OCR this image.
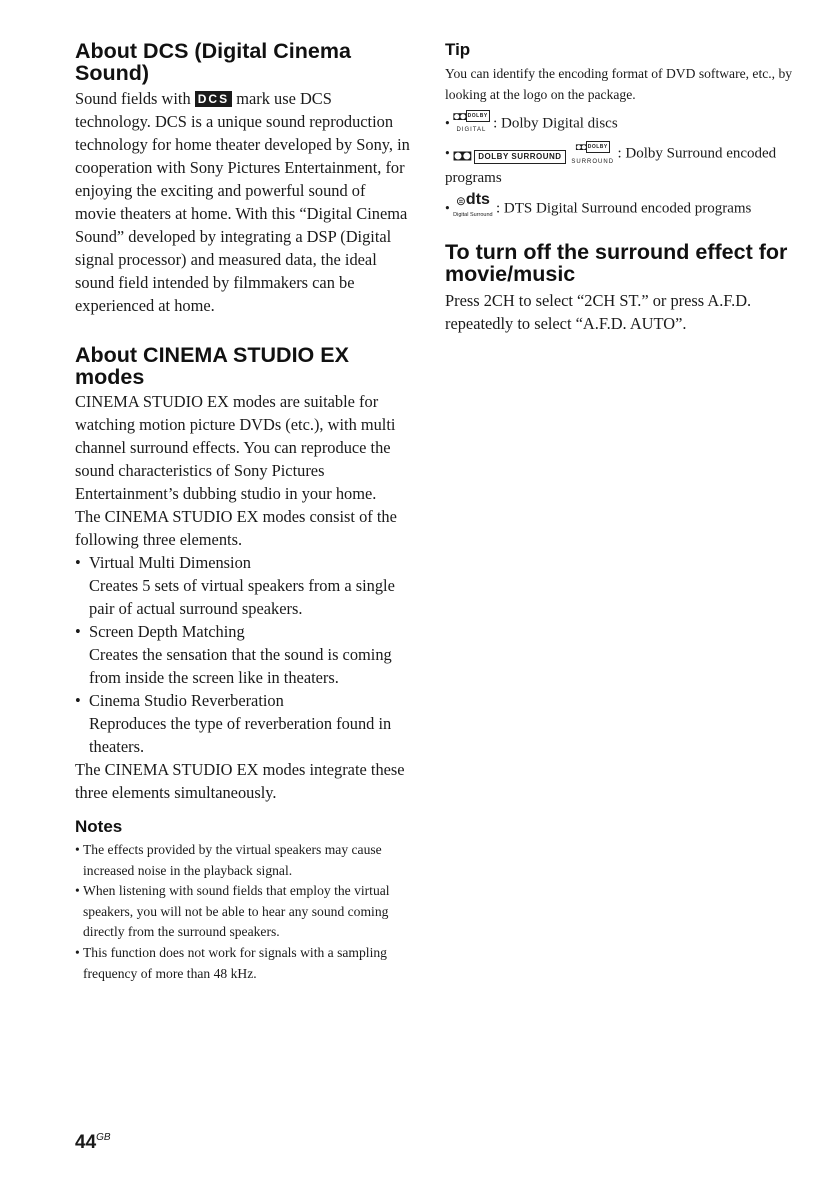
About DCS (Digital Cinema Sound)

Sound fields with DCS mark use DCS technology. DCS is a unique sound reproduction technology for home theater developed by Sony, in cooperation with Sony Pictures Entertainment, for enjoying the exciting and powerful sound of movie theaters at home. With this “Digital Cinema Sound” developed by integrating a DSP (Digital signal processor) and measured data, the ideal sound field intended by filmmakers can be experienced at home.

About CINEMA STUDIO EX modes

CINEMA STUDIO EX modes are suitable for watching motion picture DVDs (etc.), with multi channel surround effects. You can reproduce the sound characteristics of Sony Pictures Entertainment’s dubbing studio in your home.

The CINEMA STUDIO EX modes consist of the following three elements.

• Virtual Multi Dimension

Creates 5 sets of virtual speakers from a single pair of actual surround speakers.

• Screen Depth Matching

Creates the sensation that the sound is coming from inside the screen like in theaters.

• Cinema Studio Reverberation

Reproduces the type of reverberation found in theaters.

The CINEMA STUDIO EX modes integrate these three elements simultaneously.

Notes
• The effects provided by the virtual speakers may cause increased noise in the playback signal.
• When listening with sound fields that employ the virtual speakers, you will not be able to hear any sound coming directly from the surround speakers.
• This function does not work for signals with a sampling frequency of more than 48 kHz.
Tip

You can identify the encoding format of DVD software, etc., by looking at the logo on the package.

• ◘◘ DOLBY
DIGITAL : Dolby Digital discs
• ◘◘ DOLBY SURROUND ◘◘ DOLBY
SURROUND : Dolby Surround encoded programs
• ⊜dts
Digital Surround : DTS Digital Surround encoded programs
To turn off the surround effect for movie/music

Press 2CH to select “2CH ST.” or press A.F.D. repeatedly to select “A.F.D. AUTO”.

$44^{GB}$
